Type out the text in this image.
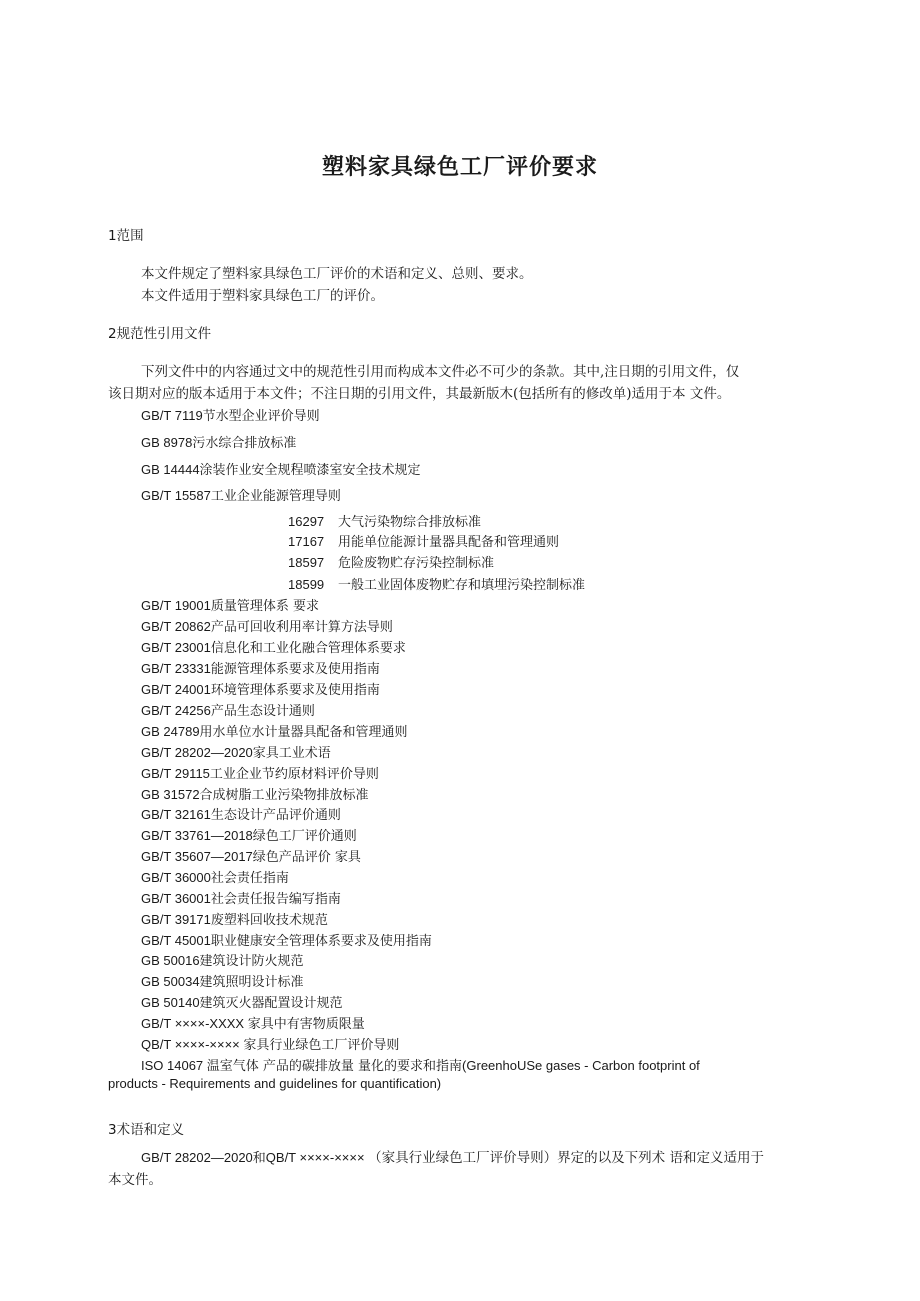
塑料家具绿色工厂评价要求
1范围
本文件规定了塑料家具绿色工厂评价的术语和定义、总则、要求。
本文件适用于塑料家具绿色工厂的评价。
2规范性引用文件
下列文件中的内容通过文中的规范性引用而构成本文件必不可少的条款。其中,注日期的引用文件，仅
该日期对应的版本适用于本文件；不注日期的引用文件，其最新版木(包括所有的修改单)适用于本 文件。
GB/T 7119节水型企业评价导则
GB 8978污水综合排放标准
GB 14444涂装作业安全规程喷漆室安全技术规定
GB/T 15587工业企业能源管理导则
16297 大气污染物综合排放标准
17167 用能单位能源计量器具配备和管理通则
18597 危险废物贮存污染控制标准
18599 一般工业固体废物贮存和填埋污染控制标准
GB/T 19001质量管理体系 要求
GB/T 20862产品可回收利用率计算方法导则
GB/T 23001信息化和工业化融合管理体系要求
GB/T 23331能源管理体系要求及使用指南
GB/T 24001环境管理体系要求及使用指南
GB/T 24256产品生态设计通则
GB 24789用水单位水计量器具配备和管理通则
GB/T 28202—2020家具工业术语
GB/T 29115工业企业节约原材料评价导则
GB 31572合成树脂工业污染物排放标准
GB/T 32161生态设计产品评价通则
GB/T 33761—2018绿色工厂评价通则
GB/T 35607—2017绿色产品评价 家具
GB/T 36000社会责任指南
GB/T 36001社会责任报告编写指南
GB/T 39171废塑料回收技术规范
GB/T 45001职业健康安全管理体系要求及使用指南
GB 50016建筑设计防火规范
GB 50034建筑照明设计标准
GB 50140建筑灭火器配置设计规范
GB/T ××××-XXXX 家具中有害物质限量
QB/T ××××-×××× 家具行业绿色工厂评价导则
ISO 14067 温室气体 产品的碳排放量 量化的要求和指南(GreenhoUSe gases - Carbon footprint of
products - Requirements and guidelines for quantification)
3术语和定义
GB/T 28202—2020和QB/T ××××-×××× （家具行业绿色工厂评价导则）界定的以及下列术 语和定义适用于
本文件。
